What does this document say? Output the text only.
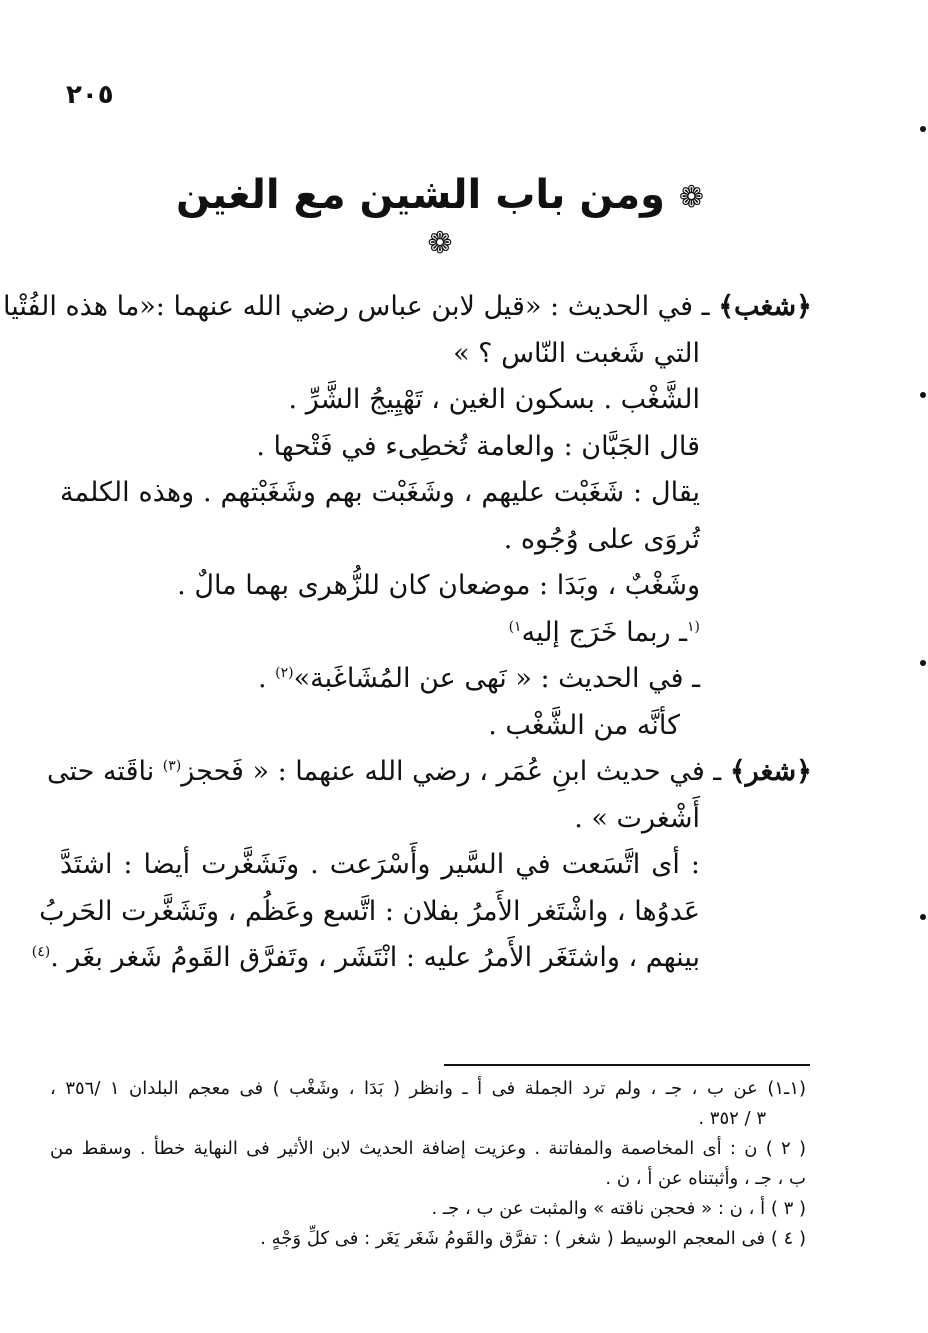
٢٠٥
❁ ومن باب الشين مع الغين ❁
﴿شغب﴾ ـ في الحديث : «قيل لابن عباس رضي الله عنهما :«ما هذه الفُتْيا
التي شَغبت النّاس ؟ »
الشَّغْب . بسكون الغين ، تَهْيِيجُ الشَّرِّ .
قال الجَبَّان : والعامة تُخطِىء في فَتْحها .
يقال : شَغَبْت عليهم ، وشَغَبْت بهم وشَغَبْتهم . وهذه الكلمة
تُروَى على وُجُوه .
وشَغْبٌ ، وبَدَا : موضعان كان للزُّهرى بهما مالٌ .
$^{(١}$ـ ربما خَرَج إليه$^{١)}$
ـ في الحديث : « نَهى عن المُشَاغَبة»$^{(٢)}$ .
كأنَّه من الشَّغْب .
﴿شغر﴾ ـ في حديث ابنِ عُمَر ، رضي الله عنهما : « فَحجز$^{(٣)}$ ناقَته حتى
أَشْغرت » .
: أى اتَّسَعت في السَّير وأَسْرَعت . وتَشَغَّرت أيضا : اشتَدَّ
عَدوُها ، واشْتَغر الأَمرُ بفلان : اتَّسع وعَظُم ، وتَشَغَّرت الحَربُ
بينهم ، واشتَغَر الأَمرُ عليه : انْتَشَر ، وتَفرَّق القَومُ شَغر بغَر .$^{(٤)}$
(١ـ١) عن ب ، جـ ، ولم ترد الجملة فى أ ـ وانظر ( بَدَا ، وشَغْب ) فى معجم البلدان ١ /٣٥٦ ،
٣ / ٣٥٢ .
( ٢ ) ن : أى المخاصمة والمفاتنة . وعزيت إضافة الحديث لابن الأثير فى النهاية خطأ . وسقط من
ب ، جـ ، وأثبتناه عن أ ، ن .
( ٣ ) أ ، ن : « فحجن ناقته » والمثبت عن ب ، جـ .
( ٤ ) فى المعجم الوسيط ( شغر ) : تفرَّق والقَومُ شَغَر يَغَر : فى كلِّ وَجْهٍ .
